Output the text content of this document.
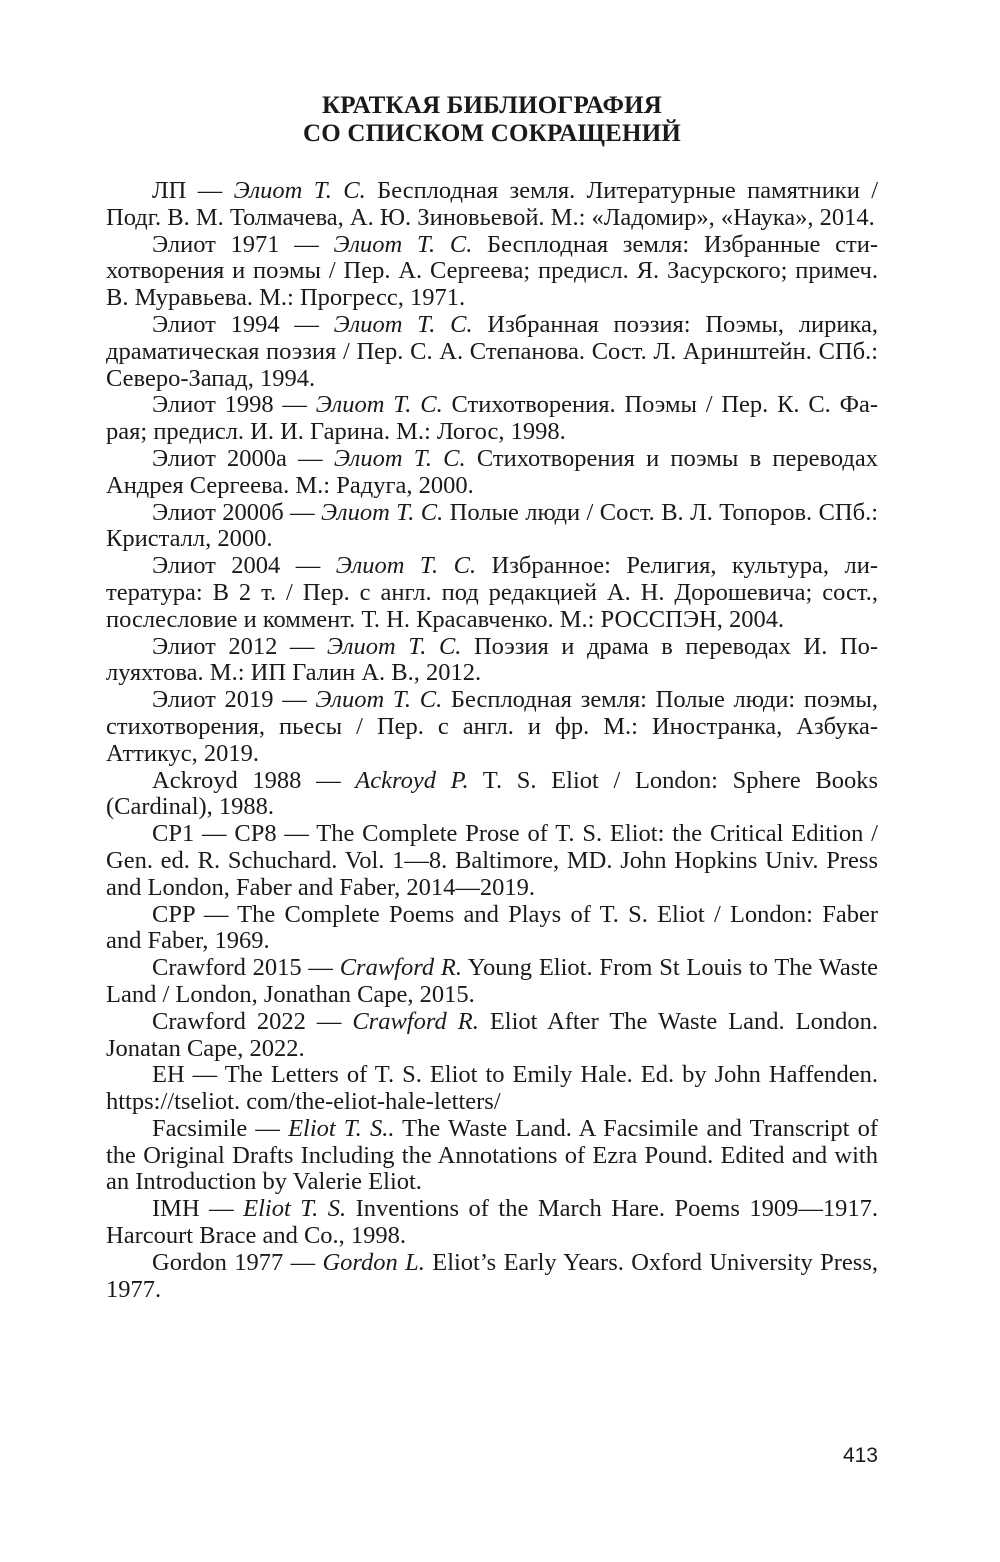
КРАТКАЯ БИБЛИОГРАФИЯ
СО СПИСКОМ СОКРАЩЕНИЙ

ЛП — Элиот Т. С. Бесплодная земля. Литературные памятники / Подг. В. М. Толмачева, А. Ю. Зиновьевой. М.: «Ладомир», «Наука», 2014.

Элиот 1971 — Элиот Т. С. Бесплодная земля: Избранные стихотворения и поэмы / Пер. А. Сергеева; предисл. Я. Засурского; примеч. В. Муравьева. М.: Прогресс, 1971.

Элиот 1994 — Элиот Т. С. Избранная поэзия: Поэмы, лирика, драматическая поэзия / Пер. С. А. Степанова. Сост. Л. Аринштейн. СПб.: Северо-Запад, 1994.

Элиот 1998 — Элиот Т. С. Стихотворения. Поэмы / Пер. К. С. Фарая; предисл. И. И. Гарина. М.: Логос, 1998.

Элиот 2000а — Элиот Т. С. Стихотворения и поэмы в переводах Андрея Сергеева. М.: Радуга, 2000.

Элиот 2000б — Элиот Т. С. Полые люди / Сост. В. Л. Топоров. СПб.: Кристалл, 2000.

Элиот 2004 — Элиот Т. С. Избранное: Религия, культура, литература: В 2 т. / Пер. с англ. под редакцией А. Н. Дорошевича; сост., послесловие и коммент. Т. Н. Красавченко. М.: РОССПЭН, 2004.

Элиот 2012 — Элиот Т. С. Поэзия и драма в переводах И. Полуяхтова. М.: ИП Галин А. В., 2012.

Элиот 2019 — Элиот Т. С. Бесплодная земля: Полые люди: поэмы, стихотворения, пьесы / Пер. с англ. и фр. М.: Иностранка, Азбука-Аттикус, 2019.

Ackroyd 1988 — Ackroyd P. T. S. Eliot / London: Sphere Books (Cardinal), 1988.

CP1 — CP8 — The Complete Prose of T. S. Eliot: the Critical Edition / Gen. ed. R. Schuchard. Vol. 1—8. Baltimore, MD. John Hopkins Univ. Press and London, Faber and Faber, 2014—2019.

CPP — The Complete Poems and Plays of T. S. Eliot / London: Faber and Faber, 1969.

Crawford 2015 — Crawford R. Young Eliot. From St Louis to The Waste Land / London, Jonathan Cape, 2015.

Crawford 2022 — Crawford R. Eliot After The Waste Land. London. Jonatan Cape, 2022.

EH — The Letters of T. S. Eliot to Emily Hale. Ed. by John Haffenden. https://tseliot. com/the-eliot-hale-letters/

Facsimile — Eliot T. S.. The Waste Land. A Facsimile and Transcript of the Original Drafts Including the Annotations of Ezra Pound. Edited and with an Introduction by Valerie Eliot.

IMH — Eliot T. S. Inventions of the March Hare. Poems 1909—1917. Harcourt Brace and Co., 1998.

Gordon 1977 — Gordon L. Eliot’s Early Years. Oxford University Press, 1977.

413
